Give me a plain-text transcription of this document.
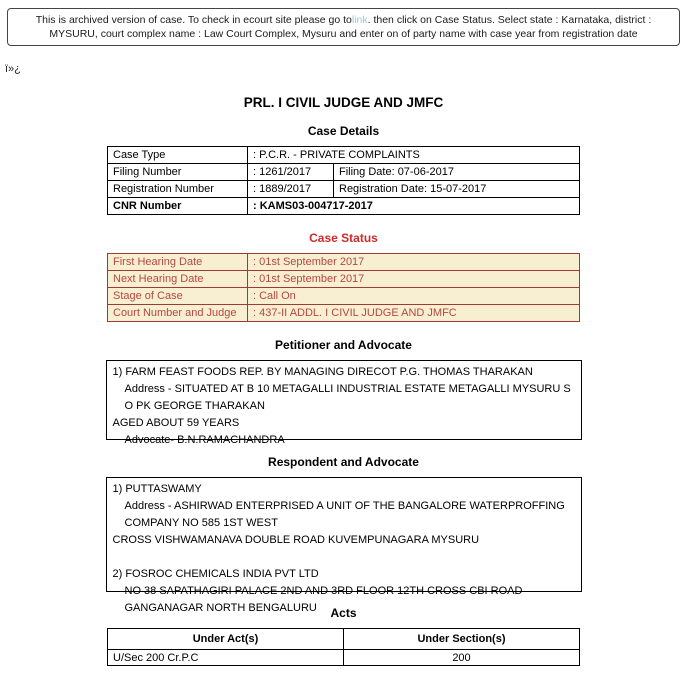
This is archived version of case. To check in ecourt site please go tolink. then click on Case Status. Select state : Karnataka, district : MYSURU, court complex name : Law Court Complex, Mysuru and enter on of party name with case year from registration date
ï»¿
PRL. I CIVIL JUDGE AND JMFC
Case Details
Case Type	: P.C.R. - PRIVATE COMPLAINTS	
Filing Number	: 1261/2017	Filing Date: 07-06-2017
Registration Number	: 1889/2017	Registration Date: 15-07-2017
CNR Number	: KAMS03-004717-2017	
Case Status
First Hearing Date	: 01st September 2017
Next Hearing Date	: 01st September 2017
Stage of Case	: Call On
Court Number and Judge	: 437-II ADDL. I CIVIL JUDGE AND JMFC
Petitioner and Advocate
1) FARM FEAST FOODS REP. BY MANAGING DIRECOT P.G. THOMAS THARAKAN
Address - SITUATED AT B 10 METAGALLI INDUSTRIAL ESTATE METAGALLI MYSURU S O PK GEORGE THARAKAN
AGED ABOUT 59 YEARS
Advocate- B.N.RAMACHANDRA
Respondent and Advocate
1) PUTTASWAMY
Address - ASHIRWAD ENTERPRISED A UNIT OF THE BANGALORE WATERPROFFING COMPANY NO 585 1ST WEST
CROSS VISHWAMANAVA DOUBLE ROAD KUVEMPUNAGARA MYSURU
2) FOSROC CHEMICALS INDIA PVT LTD
NO 38 SAPATHAGIRI PALACE 2ND AND 3RD FLOOR 12TH CROSS CBI ROAD GANGANAGAR NORTH BENGALURU	Acts
Under Act(s)	Under Section(s)
U/Sec 200 Cr.P.C	200
